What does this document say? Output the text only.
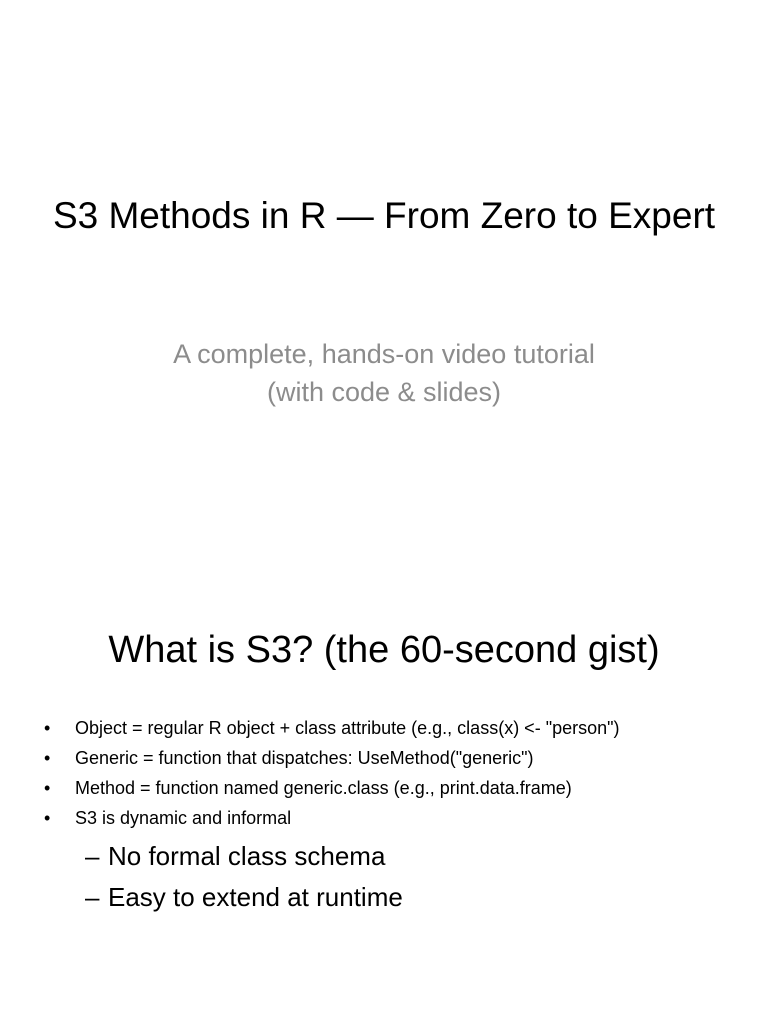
S3 Methods in R — From Zero to Expert
A complete, hands-on video tutorial
(with code & slides)
What is S3? (the 60-second gist)
• Object = regular R object + class attribute (e.g., class(x) <- "person")
• Generic = function that dispatches: UseMethod("generic")
• Method = function named generic.class (e.g., print.data.frame)
• S3 is dynamic and informal
– No formal class schema
– Easy to extend at runtime
